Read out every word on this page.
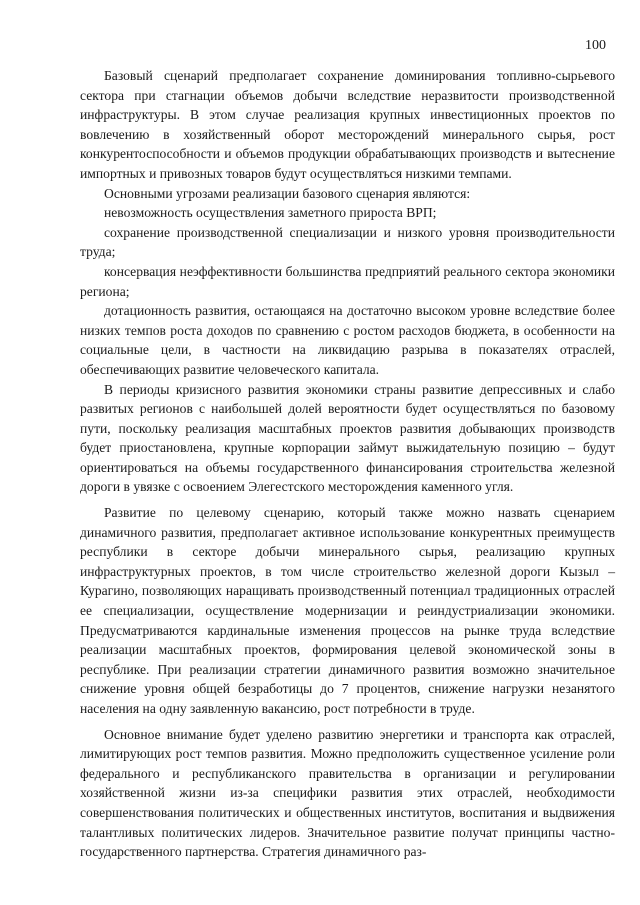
100

Базовый сценарий предполагает сохранение доминирования топливно-сырьевого сектора при стагнации объемов добычи вследствие неразвитости производственной инфраструктуры. В этом случае реализация крупных инвестиционных проектов по вовлечению в хозяйственный оборот месторождений минерального сырья, рост конкурентоспособности и объемов продукции обрабатывающих производств и вытеснение импортных и привозных товаров будут осуществляться низкими темпами.

Основными угрозами реализации базового сценария являются:

невозможность осуществления заметного прироста ВРП;

сохранение производственной специализации и низкого уровня производительности труда;

консервация неэффективности большинства предприятий реального сектора экономики региона;

дотационность развития, остающаяся на достаточно высоком уровне вследствие более низких темпов роста доходов по сравнению с ростом расходов бюджета, в особенности на социальные цели, в частности на ликвидацию разрыва в показателях отраслей, обеспечивающих развитие человеческого капитала.

В периоды кризисного развития экономики страны развитие депрессивных и слабо развитых регионов с наибольшей долей вероятности будет осуществляться по базовому пути, поскольку реализация масштабных проектов развития добывающих производств будет приостановлена, крупные корпорации займут выжидательную позицию – будут ориентироваться на объемы государственного финансирования строительства железной дороги в увязке с освоением Элегестского месторождения каменного угля.

Развитие по целевому сценарию, который также можно назвать сценарием динамичного развития, предполагает активное использование конкурентных преимуществ республики в секторе добычи минерального сырья, реализацию крупных инфраструктурных проектов, в том числе строительство железной дороги Кызыл – Курагино, позволяющих наращивать производственный потенциал традиционных отраслей ее специализации, осуществление модернизации и реиндустриализации экономики. Предусматриваются кардинальные изменения процессов на рынке труда вследствие реализации масштабных проектов, формирования целевой экономической зоны в республике. При реализации стратегии динамичного развития возможно значительное снижение уровня общей безработицы до 7 процентов, снижение нагрузки незанятого населения на одну заявленную вакансию, рост потребности в труде.

Основное внимание будет уделено развитию энергетики и транспорта как отраслей, лимитирующих рост темпов развития. Можно предположить существенное усиление роли федерального и республиканского правительства в организации и регулировании хозяйственной жизни из-за специфики развития этих отраслей, необходимости совершенствования политических и общественных институтов, воспитания и выдвижения талантливых политических лидеров. Значительное развитие получат принципы частно-государственного партнерства. Стратегия динамичного раз-
